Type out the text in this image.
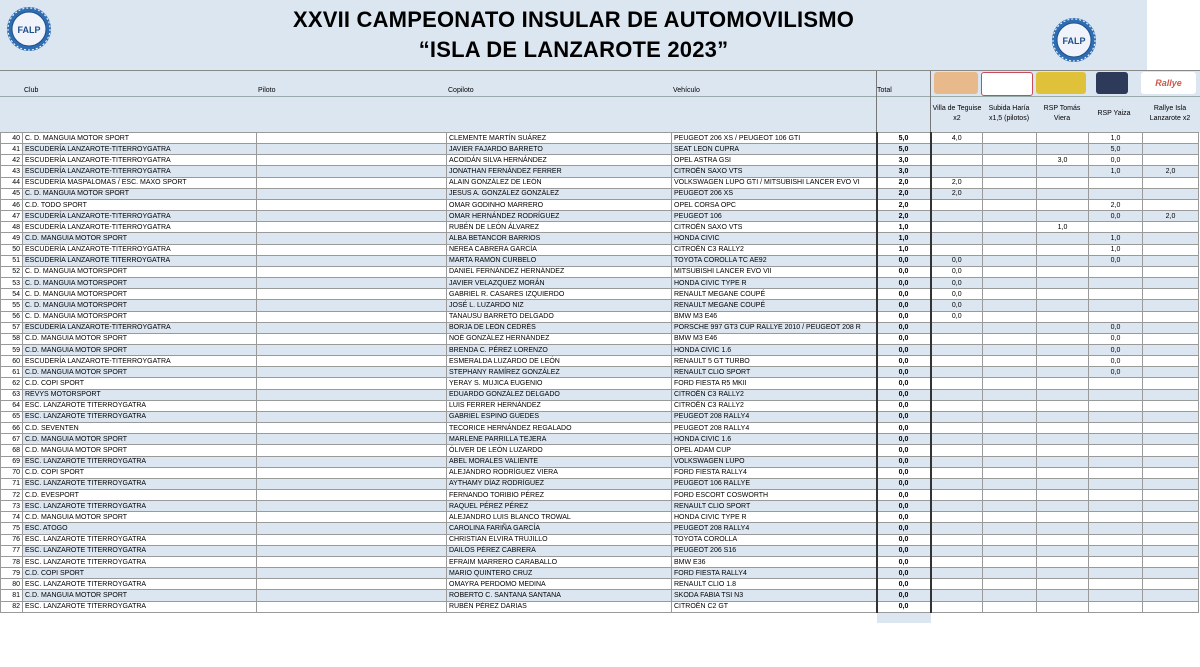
FALP	XXVII CAMPEONATO INSULAR DE AUTOMOVILISMO
“ISLA DE LANZAROTE 2023”	FALP
Club	Piloto	Copiloto	Vehículo	Total
Rallye
Villa de Teguise x2
Subida Haría x1,5 (pilotos)
RSP Tomás Viera
RSP Yaiza
Rallye Isla Lanzarote x2
40	C. D. MANGUIA MOTOR SPORT		CLEMENTE MARTÍN SUÁREZ	PEUGEOT 206 XS / PEUGEOT 106 GTI	5,0	4,0			1,0	
41	ESCUDERÍA LANZAROTE-TITERROYGATRA		JAVIER FAJARDO BARRETO	SEAT LEON CUPRA	5,0				5,0	
42	ESCUDERÍA LANZAROTE-TITERROYGATRA		ACOIDÁN SILVA HERNÁNDEZ	OPEL ASTRA GSI	3,0			3,0	0,0	
43	ESCUDERÍA LANZAROTE-TITERROYGATRA		JONATHAN FERNÁNDEZ FERRER	CITROËN SAXO VTS	3,0				1,0	2,0
44	ESCUDERÍA MASPALOMAS / ESC. MAXO SPORT		ALAIN GONZÁLEZ DE LEÓN	VOLKSWAGEN LUPO GTI / MITSUBISHI LANCER EVO VI	2,0	2,0				
45	C. D. MANGUIA MOTOR SPORT		JESUS A. GONZÁLEZ GONZÁLEZ	PEUGEOT 206 XS	2,0	2,0				
46	C.D. TODO SPORT		OMAR GODINHO MARRERO	OPEL CORSA OPC	2,0				2,0	
47	ESCUDERÍA LANZAROTE-TITERROYGATRA		OMAR HERNÁNDEZ RODRÍGUEZ	PEUGEOT 106	2,0				0,0	2,0
48	ESCUDERÍA LANZAROTE-TITERROYGATRA		RUBÉN DE LEÓN ÁLVAREZ	CITROËN SAXO VTS	1,0			1,0		
49	C.D. MANGUIA MOTOR SPORT		ALBA BETANCOR BARRIOS	HONDA CIVIC	1,0				1,0	
50	ESCUDERÍA LANZAROTE-TITERROYGATRA		NEREA CABRERA GARCÍA	CITROËN C3 RALLY2	1,0				1,0	
51	ESCUDERÍA LANZAROTE TITERROYGATRA		MARTA RAMÓN CURBELO	TOYOTA COROLLA TC AE92	0,0	0,0			0,0	
52	C. D. MANGUIA MOTORSPORT		DANIEL FERNÁNDEZ HERNÁNDEZ	MITSUBISHI LANCER EVO VII	0,0	0,0				
53	C. D. MANGUIA MOTORSPORT		JAVIER VELAZQUEZ MORÁN	HONDA CIVIC TYPE R	0,0	0,0				
54	C. D. MANGUIA MOTORSPORT		GABRIEL R. CASARES IZQUIERDO	RENAULT MEGANE COUPÉ	0,0	0,0				
55	C. D. MANGUIA MOTORSPORT		JOSÉ L. LUZARDO NIZ	RENAULT MEGANE COUPÉ	0,0	0,0				
56	C. D. MANGUIA MOTORSPORT		TANAUSÚ BARRETO DELGADO	BMW M3 E46	0,0	0,0				
57	ESCUDERÍA LANZAROTE-TITERROYGATRA		BORJA DE LEÓN CEDRÉS	PORSCHE 997 GT3 CUP RALLYE 2010 / PEUGEOT 208 R	0,0				0,0	
58	C.D. MANGUIA MOTOR SPORT		NOÉ GONZÁLEZ HERNÁNDEZ	BMW M3 E46	0,0				0,0	
59	C.D. MANGUIA MOTOR SPORT		BRENDA C. PÉREZ LORENZO	HONDA CIVIC 1.6	0,0				0,0	
60	ESCUDERÍA LANZAROTE-TITERROYGATRA		ESMERALDA LUZARDO DE LEÓN	RENAULT 5 GT TURBO	0,0				0,0	
61	C.D. MANGUIA MOTOR SPORT		STEPHANY RAMÍREZ GONZÁLEZ	RENAULT CLIO SPORT	0,0				0,0	
62	C.D. COPI SPORT		YERAY S. MUJICA EUGENIO	FORD FIESTA R5 MKII	0,0					
63	REVYS MOTORSPORT		EDUARDO GONZÁLEZ DELGADO	CITROËN C3 RALLY2	0,0					
64	ESC. LANZAROTE TITERROYGATRA		LUIS FERRER HERNÁNDEZ	CITROËN C3 RALLY2	0,0					
65	ESC. LANZAROTE TITERROYGATRA		GABRIEL ESPINO GUEDES	PEUGEOT 208 RALLY4	0,0					
66	C.D. SEVENTEN		TECORICE HERNÁNDEZ REGALADO	PEUGEOT 208 RALLY4	0,0					
67	C.D. MANGUIA MOTOR SPORT		MARLENE PARRILLA TEJERA	HONDA CIVIC 1.6	0,0					
68	C.D. MANGUIA MOTOR SPORT		ÓLIVER DE LEÓN LUZARDO	OPEL ADAM CUP	0,0					
69	ESC. LANZAROTE TITERROYGATRA		ABEL MORALES VALIENTE	VOLKSWAGEN LUPO	0,0					
70	C.D. COPI SPORT		ALEJANDRO RODRÍGUEZ VIERA	FORD FIESTA RALLY4	0,0					
71	ESC. LANZAROTE TITERROYGATRA		AYTHAMY DÍAZ RODRÍGUEZ	PEUGEOT 106 RALLYE	0,0					
72	C.D. EVESPORT		FERNANDO TORIBIO PÉREZ	FORD ESCORT COSWORTH	0,0					
73	ESC. LANZAROTE TITERROYGATRA		RAQUEL PÉREZ PÉREZ	RENAULT CLIO SPORT	0,0					
74	C.D. MANGUIA MOTOR SPORT		ALEJANDRO LUIS BLANCO TROWAL	HONDA CIVIC TYPE R	0,0					
75	ESC. ATOGO		CAROLINA FARIÑA GARCÍA	PEUGEOT 208 RALLY4	0,0					
76	ESC. LANZAROTE TITERROYGATRA		CHRISTIAN ELVIRA TRUJILLO	TOYOTA COROLLA	0,0					
77	ESC. LANZAROTE TITERROYGATRA		DAILOS PÉREZ CABRERA	PEUGEOT 206 S16	0,0					
78	ESC. LANZAROTE TITERROYGATRA		EFRAIM MARRERO CARABALLO	BMW E36	0,0					
79	C.D. COPI SPORT		MARIO QUINTERO CRUZ	FORD FIESTA RALLY4	0,0					
80	ESC. LANZAROTE TITERROYGATRA		OMAYRA PERDOMO MEDINA	RENAULT CLIO 1.8	0,0					
81	C.D. MANGUIA MOTOR SPORT		ROBERTO C. SANTANA SANTANA	SKODA FABIA TSI N3	0,0					
82	ESC. LANZAROTE TITERROYGATRA		RUBÉN PÉREZ DARIAS	CITROËN C2 GT	0,0					
